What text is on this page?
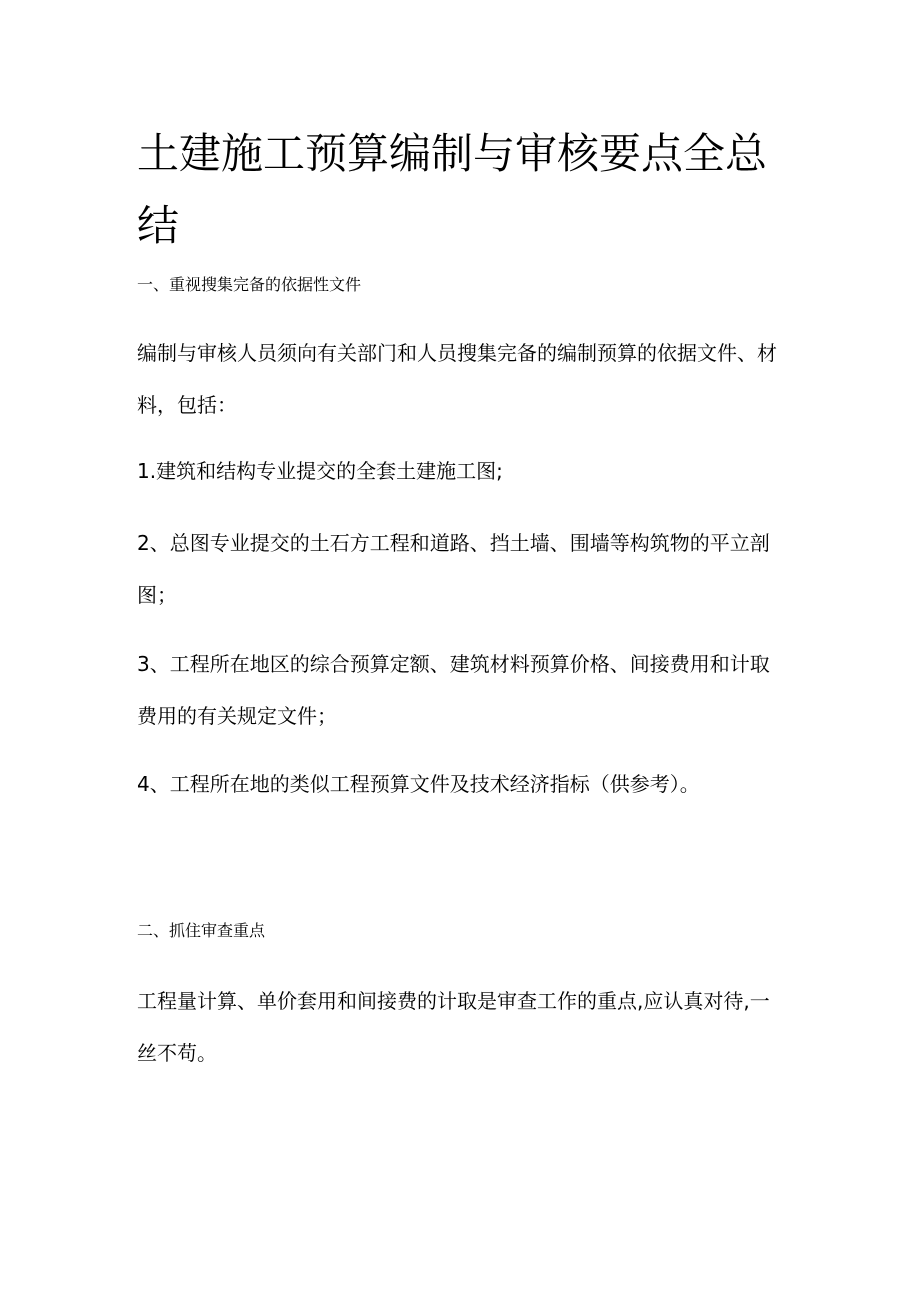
土建施工预算编制与审核要点全总结
一、重视搜集完备的依据性文件

编制与审核人员须向有关部门和人员搜集完备的编制预算的依据文件、材料，包括：

1.建筑和结构专业提交的全套土建施工图;

2、总图专业提交的土石方工程和道路、挡土墙、围墙等构筑物的平立剖图；

3、工程所在地区的综合预算定额、建筑材料预算价格、间接费用和计取费用的有关规定文件；

4、工程所在地的类似工程预算文件及技术经济指标（供参考）。

二、抓住审查重点

工程量计算、单价套用和间接费的计取是审查工作的重点,应认真对待,一丝不苟。
